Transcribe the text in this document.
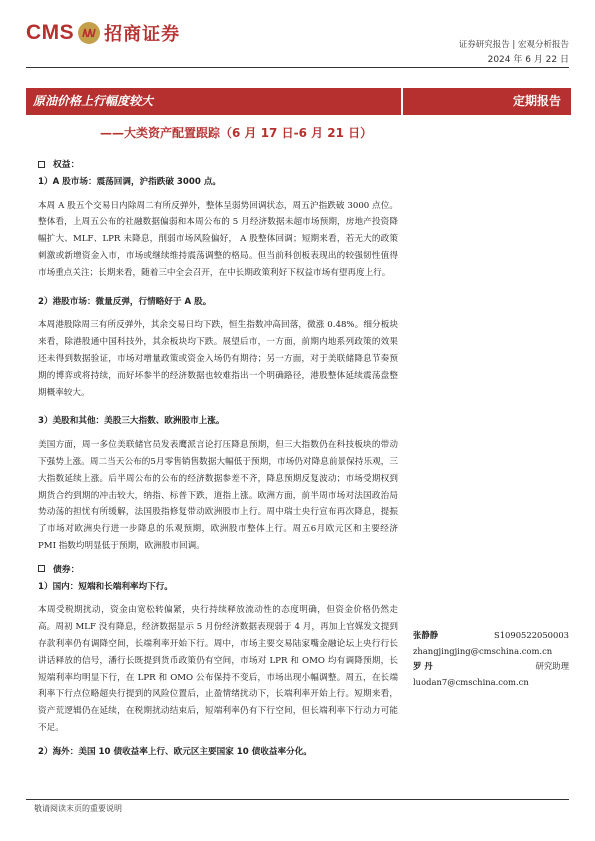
CMS 招商证券	证券研究报告 | 宏观分析报告
2024 年 6 月 22 日
原油价格上行幅度较大	定期报告
——大类资产配置跟踪（6 月 17 日-6 月 21 日）
权益：

1）A 股市场：震荡回调，沪指跌破 3000 点。

本周 A 股五个交易日内除周二有所反弹外，整体呈弱势回调状态，周五沪指跌破 3000 点位。整体看，上周五公布的社融数据偏弱和本周公布的 5 月经济数据未超市场预期，房地产投资降幅扩大、MLF、LPR 未降息，削弱市场风险偏好， A 股整体回调；短期来看，若无大的政策刺激或新增资金入市，市场或继续维持震荡调整的格局。但当前科创板表现出的较强韧性值得市场重点关注；长期来看，随着三中全会召开，在中长期政策利好下权益市场有望再度上行。

2）港股市场：微量反弹，行情略好于 A 股。

本周港股除周三有所反弹外，其余交易日均下跌，恒生指数冲高回落，微涨 0.48%。细分板块来看，除港股通中国科技外，其余板块均下跌。展望后市，一方面，前期内地系列政策的效果还未得到数据验证，市场对增量政策或资金入场仍有期待；另一方面，对于美联储降息节奏预期的博弈或将持续，而好坏参半的经济数据也较难指出一个明确路径，港股整体延续震荡盘整期概率较大。

3）美股和其他：美股三大指数、欧洲股市上涨。

美国方面，周一多位美联储官员发表鹰派言论打压降息预期，但三大指数仍在科技板块的带动下强势上涨。周二当天公布的5月零售销售数据大幅低于预期，市场仍对降息前景保持乐观，三大指数延续上涨。后半周公布的公布的经济数据参差不齐，降息预期反复波动；市场受期权到期货合约到期的冲击较大，纳指、标普下跌，道指上涨。欧洲方面，前半周市场对法国政治局势动荡的担忧有所缓解，法国股指修复带动欧洲股市上行。周中瑞士央行宣布再次降息，提振了市场对欧洲央行进一步降息的乐观预期，欧洲股市整体上行。周五6月欧元区和主要经济 PMI 指数均明显低于预期，欧洲股市回调。

债券：

1）国内：短端和长端利率均下行。

本周受税期扰动，资金由宽松转偏紧，央行持续释放流动性的态度明确，但资金价格仍然走高。周初 MLF 没有降息，经济数据显示 5 月份经济数据表现弱于 4 月，再加上官媒发文提到存款利率仍有调降空间，长端利率开始下行。周中，市场主要交易陆家嘴金融论坛上央行行长讲话释放的信号，潘行长既提到货币政策仍有空间，市场对 LPR 和 OMO 均有调降预期，长短端利率均明显下行，在 LPR 和 OMO 公布保持不变后，市场出现小幅调整。周五，在长端利率下行点位略超央行提到的风险位置后，止盈情绪扰动下，长端利率开始上行。短期来看，资产荒逻辑仍在延续，在税期扰动结束后，短端利率仍有下行空间，但长端利率下行动力可能不足。

2）海外：美国 10 债收益率上行、欧元区主要国家 10 债收益率分化。

张静静	S1090522050003
zhangjingjing@cmschina.com.cn
罗 丹	研究助理
luodan7@cmschina.com.cn
敬请阅读末页的重要说明
